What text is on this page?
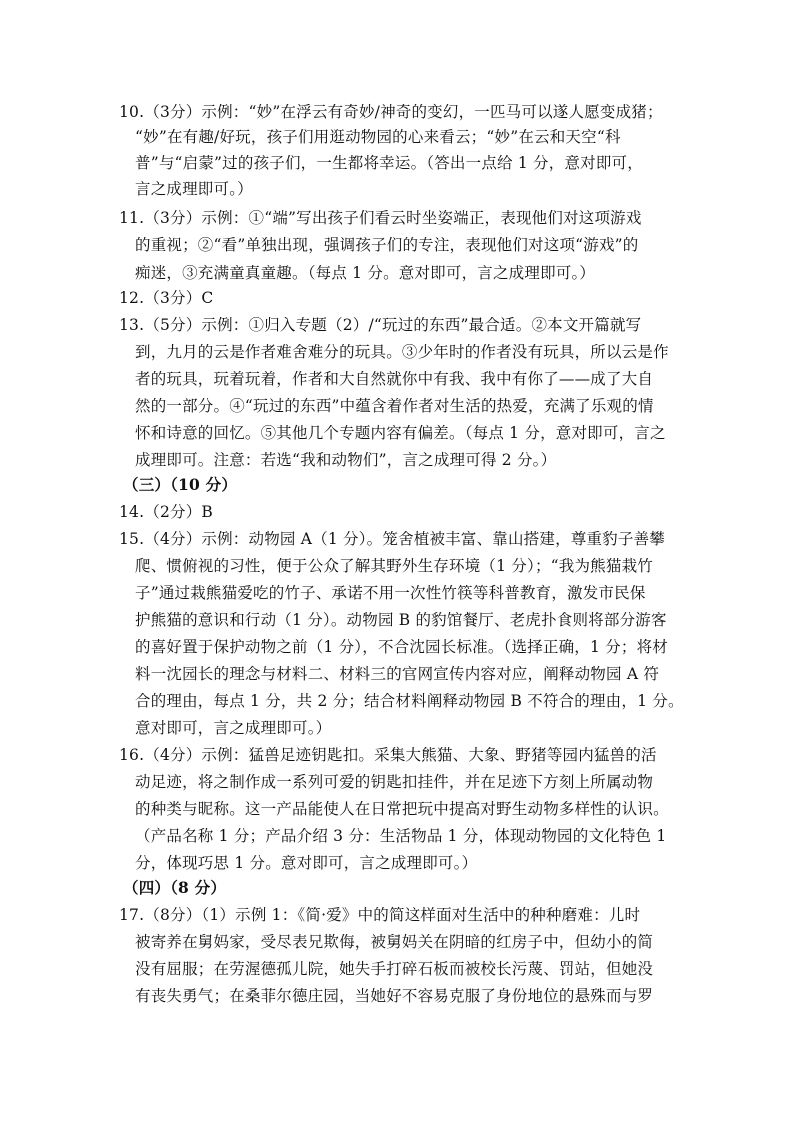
10.（3分）示例：“妙”在浮云有奇妙/神奇的变幻，一匹马可以遂人愿变成猪；
“妙”在有趣/好玩，孩子们用逛动物园的心来看云；“妙”在云和天空“科
普”与“启蒙”过的孩子们，一生都将幸运。（答出一点给 1 分，意对即可，
言之成理即可。）
11.（3分）示例：①“端”写出孩子们看云时坐姿端正，表现他们对这项游戏
的重视；②“看”单独出现，强调孩子们的专注，表现他们对这项“游戏”的
痴迷，③充满童真童趣。（每点 1 分。意对即可，言之成理即可。）
12.（3分）C
13.（5分）示例：①归入专题（2）/“玩过的东西”最合适。②本文开篇就写
到，九月的云是作者难舍难分的玩具。③少年时的作者没有玩具，所以云是作
者的玩具，玩着玩着，作者和大自然就你中有我、我中有你了——成了大自
然的一部分。④“玩过的东西”中蕴含着作者对生活的热爱，充满了乐观的情
怀和诗意的回忆。⑤其他几个专题内容有偏差。（每点 1 分，意对即可，言之
成理即可。注意：若选“我和动物们”，言之成理可得 2 分。）
（三）（10 分）
14.（2分）B
15.（4分）示例：动物园 A（1 分）。笼舍植被丰富、靠山搭建，尊重豹子善攀
爬、惯俯视的习性，便于公众了解其野外生存环境（1 分）；“我为熊猫栽竹
子”通过栽熊猫爱吃的竹子、承诺不用一次性竹筷等科普教育，激发市民保
护熊猫的意识和行动（1 分）。动物园 B 的豹馆餐厅、老虎扑食则将部分游客
的喜好置于保护动物之前（1 分），不合沈园长标准。（选择正确，1 分；将材
料一沈园长的理念与材料二、材料三的官网宣传内容对应，阐释动物园 A 符
合的理由，每点 1 分，共 2 分；结合材料阐释动物园 B 不符合的理由，1 分。
意对即可，言之成理即可。）
16.（4分）示例：猛兽足迹钥匙扣。采集大熊猫、大象、野猪等园内猛兽的活
动足迹，将之制作成一系列可爱的钥匙扣挂件，并在足迹下方刻上所属动物
的种类与昵称。这一产品能使人在日常把玩中提高对野生动物多样性的认识。
（产品名称 1 分；产品介绍 3 分：生活物品 1 分，体现动物园的文化特色 1
分，体现巧思 1 分。意对即可，言之成理即可。）
（四）（8 分）
17.（8分）（1）示例 1：《简·爱》中的简这样面对生活中的种种磨难：儿时
被寄养在舅妈家，受尽表兄欺侮，被舅妈关在阴暗的红房子中，但幼小的简
没有屈服；在劳渥德孤儿院，她失手打碎石板而被校长污蔑、罚站，但她没
有丧失勇气；在桑菲尔德庄园，当她好不容易克服了身份地位的悬殊而与罗
